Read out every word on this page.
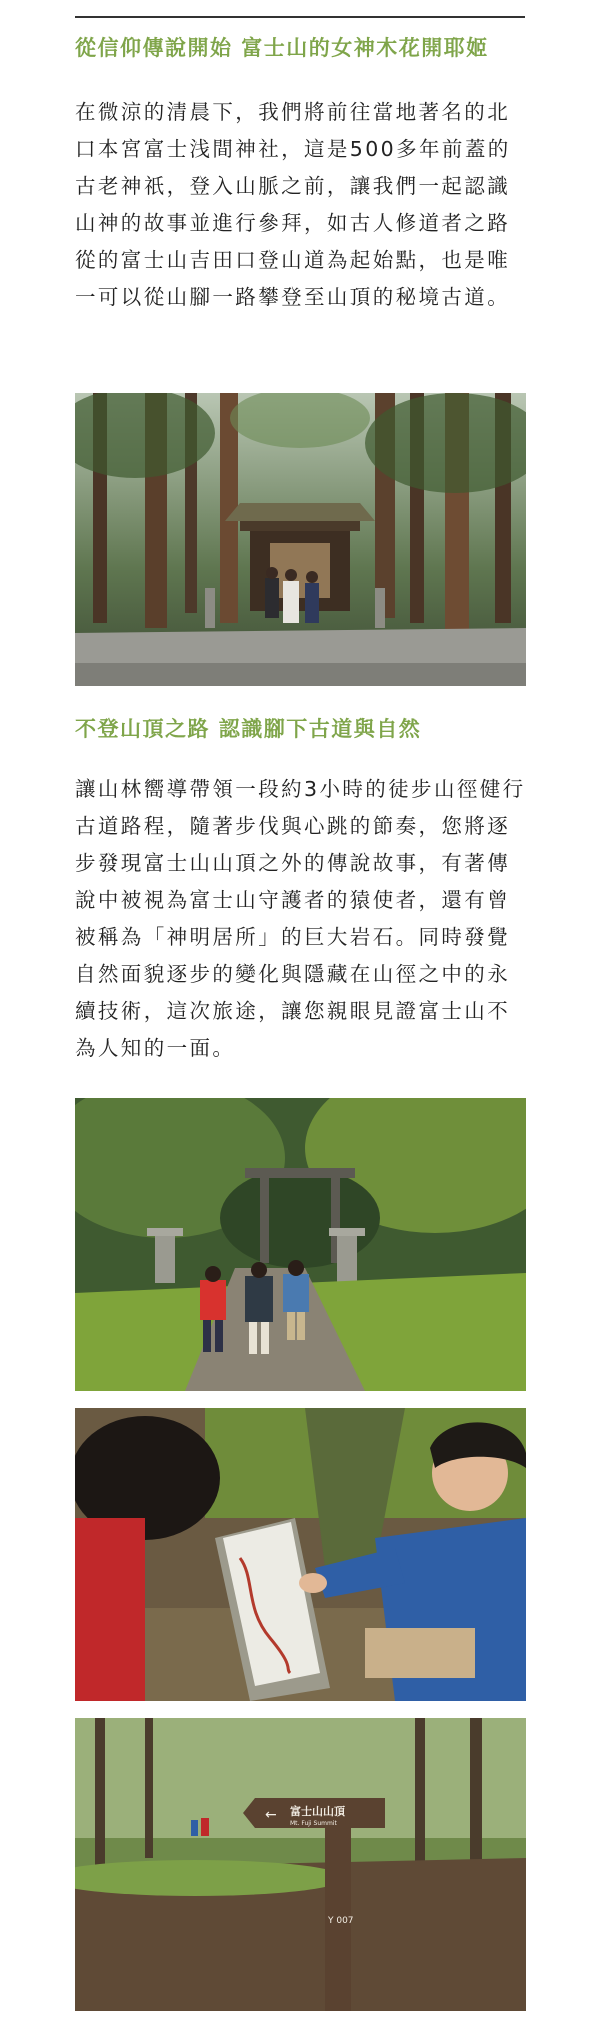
從信仰傳說開始 富士山的女神木花開耶姬
在微涼的清晨下，我們將前往當地著名的北口本宮富士浅間神社，這是500多年前蓋的古老神祇，登入山脈之前，讓我們一起認識山神的故事並進行參拜，如古人修道者之路從的富士山吉田口登山道為起始點，也是唯一可以從山腳一路攀登至山頂的秘境古道。
不登山頂之路 認識腳下古道與自然
讓山林嚮導帶領一段約3小時的徒步山徑健行古道路程，隨著步伐與心跳的節奏，您將逐步發現富士山山頂之外的傳說故事，有著傳說中被視為富士山守護者的猿使者，還有曾被稱為「神明居所」的巨大岩石。同時發覺自然面貌逐步的變化與隱藏在山徑之中的永續技術，這次旅途，讓您親眼見證富士山不為人知的一面。
富士山山頂
Mt. Fuji Summit
←
Y 007
